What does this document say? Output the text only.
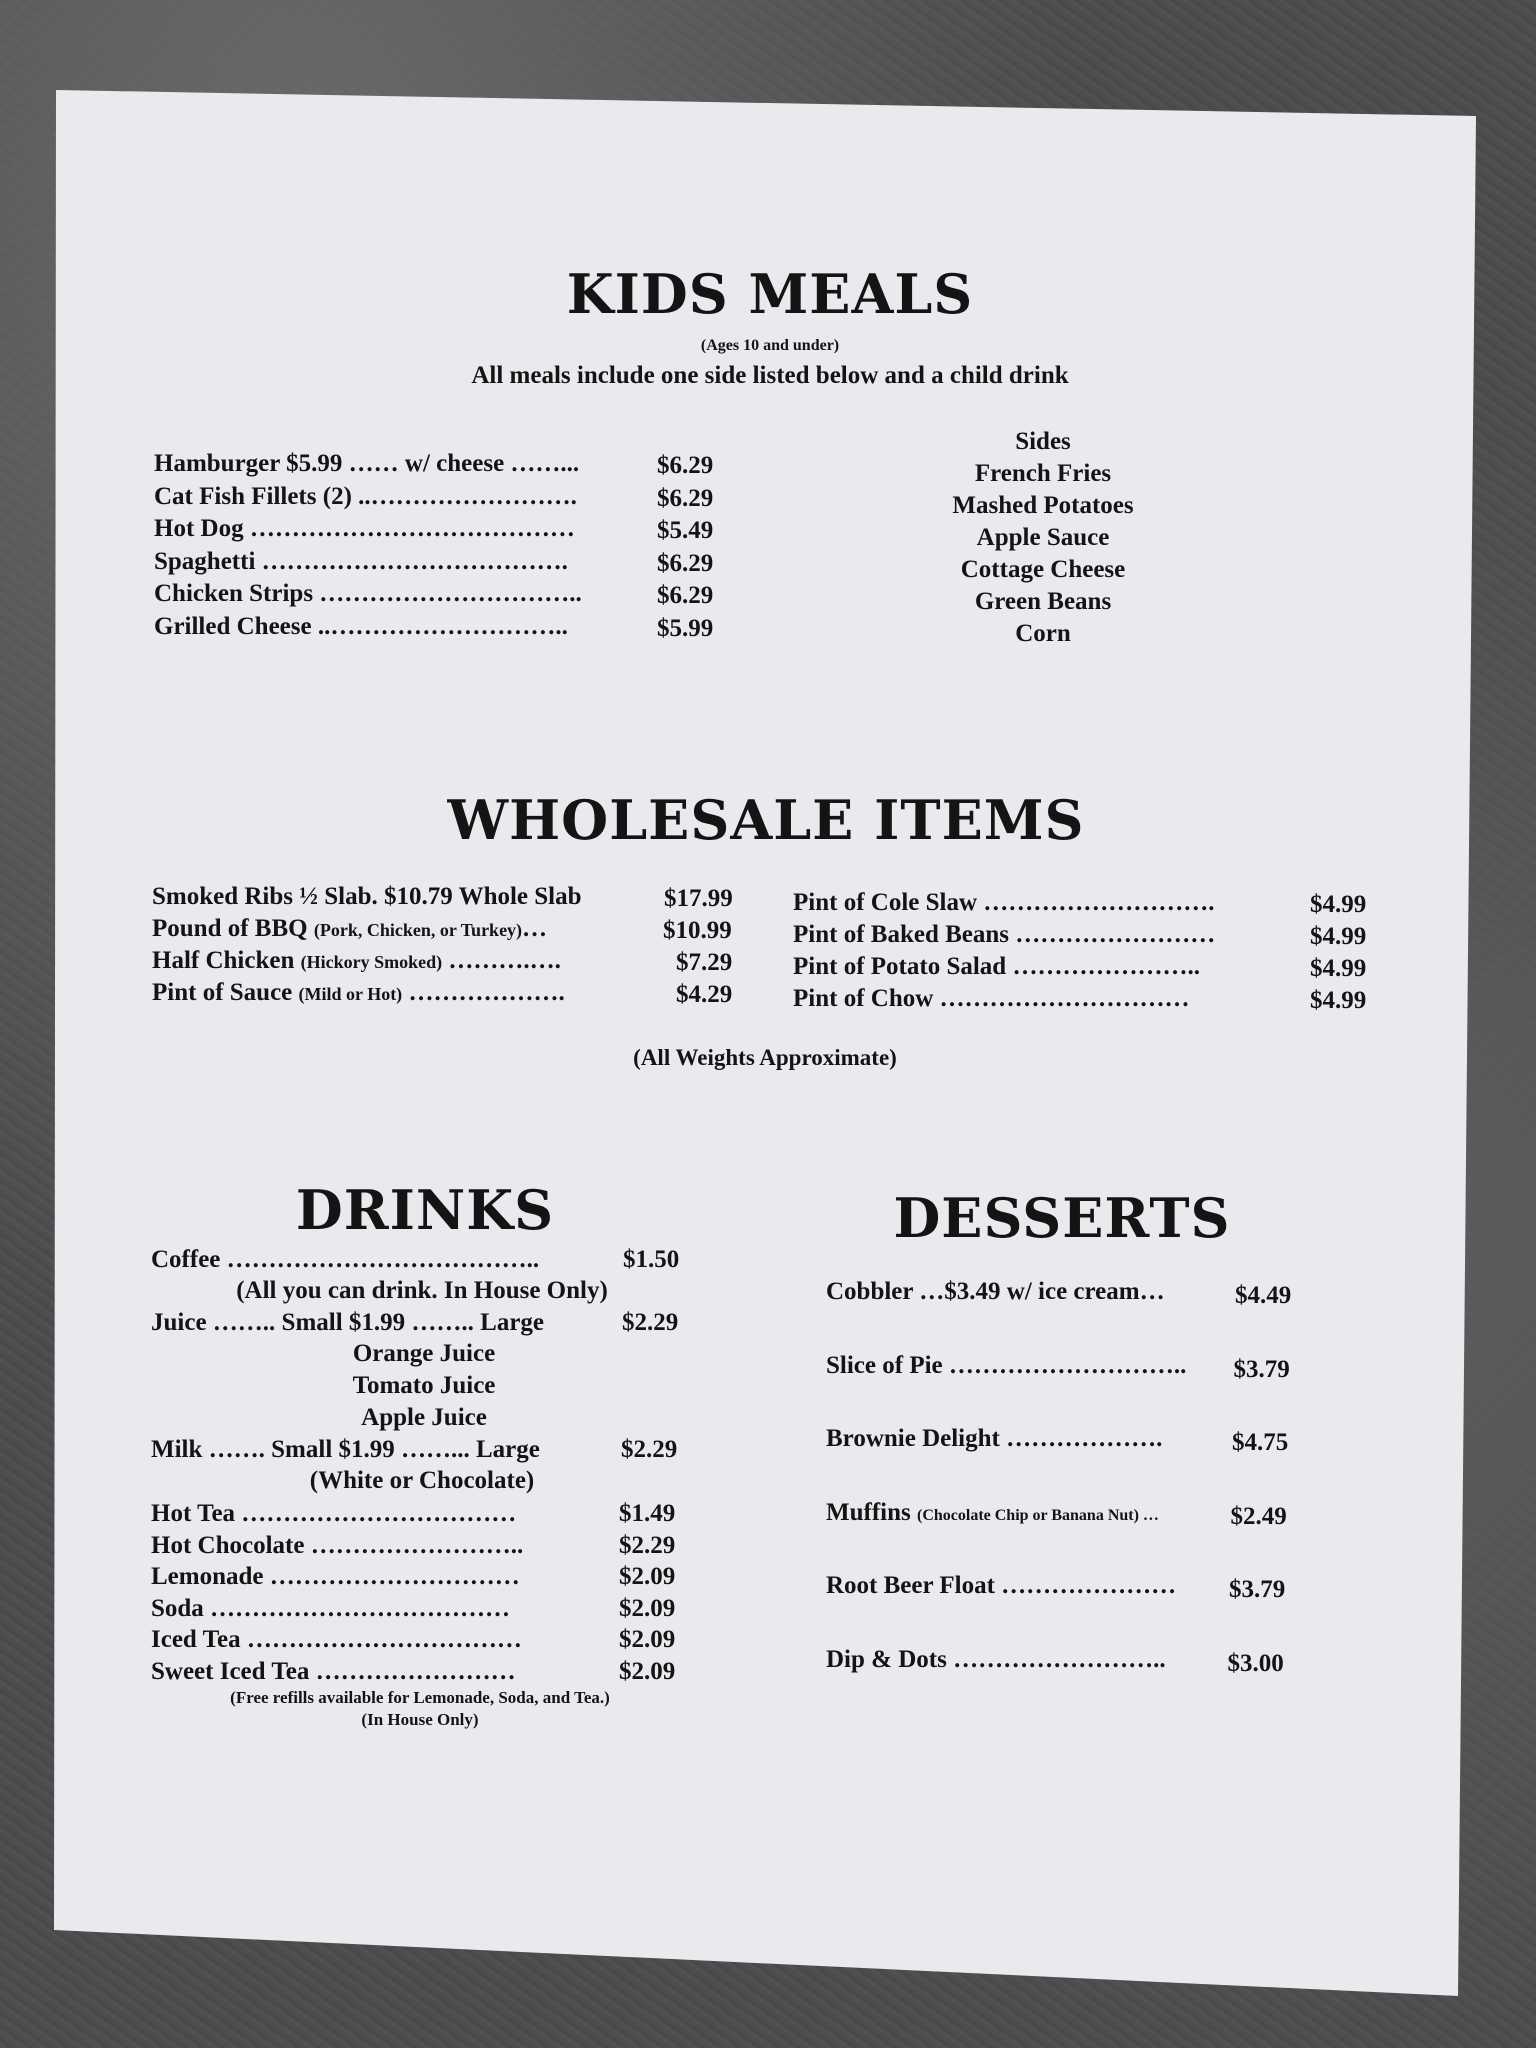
KIDS MEALS
(Ages 10 and under)
All meals include one side listed below and a child drink
Hamburger $5.99 …… w/ cheese ……...	$6.29
Cat Fish Fillets (2) ..…………………….	$6.29
Hot Dog …………………………………	$5.49
Spaghetti ……………………………….	$6.29
Chicken Strips …………………………..	$6.29
Grilled Cheese ..………………………..	$5.99
Sides
French Fries
Mashed Potatoes
Apple Sauce
Cottage Cheese
Green Beans
Corn
WHOLESALE ITEMS
Smoked Ribs ½ Slab. $10.79 Whole Slab	$17.99
Pound of BBQ (Pork, Chicken, or Turkey)…	$10.99
Half Chicken (Hickory Smoked) ……….….	$7.29
Pint of Sauce (Mild or Hot) ……………….	$4.29
Pint of Cole Slaw ……………………….	$4.99
Pint of Baked Beans ……………………	$4.99
Pint of Potato Salad …………………..	$4.99
Pint of Chow …………………………	$4.99
(All Weights Approximate)
DRINKS
Coffee ………………………………..	$1.50
(All you can drink. In House Only)
Juice …….. Small $1.99 …….. Large	$2.29
Orange Juice
Tomato Juice
Apple Juice
Milk ……. Small $1.99 ……... Large	$2.29
(White or Chocolate)
Hot Tea ……………………………	$1.49
Hot Chocolate ……………………..	$2.29
Lemonade …………………………	$2.09
Soda ………………………………	$2.09
Iced Tea ……………………………	$2.09
Sweet Iced Tea ……………………	$2.09
(Free refills available for Lemonade, Soda, and Tea.)
(In House Only)
DESSERTS
Cobbler …$3.49 w/ ice cream…	$4.49
Slice of Pie ……………………….. $3.79
Brownie Delight ……………….	$4.75
Muffins (Chocolate Chip or Banana Nut) …	$2.49
Root Beer Float ………………… $3.79
Dip & Dots …………………….. $3.00
